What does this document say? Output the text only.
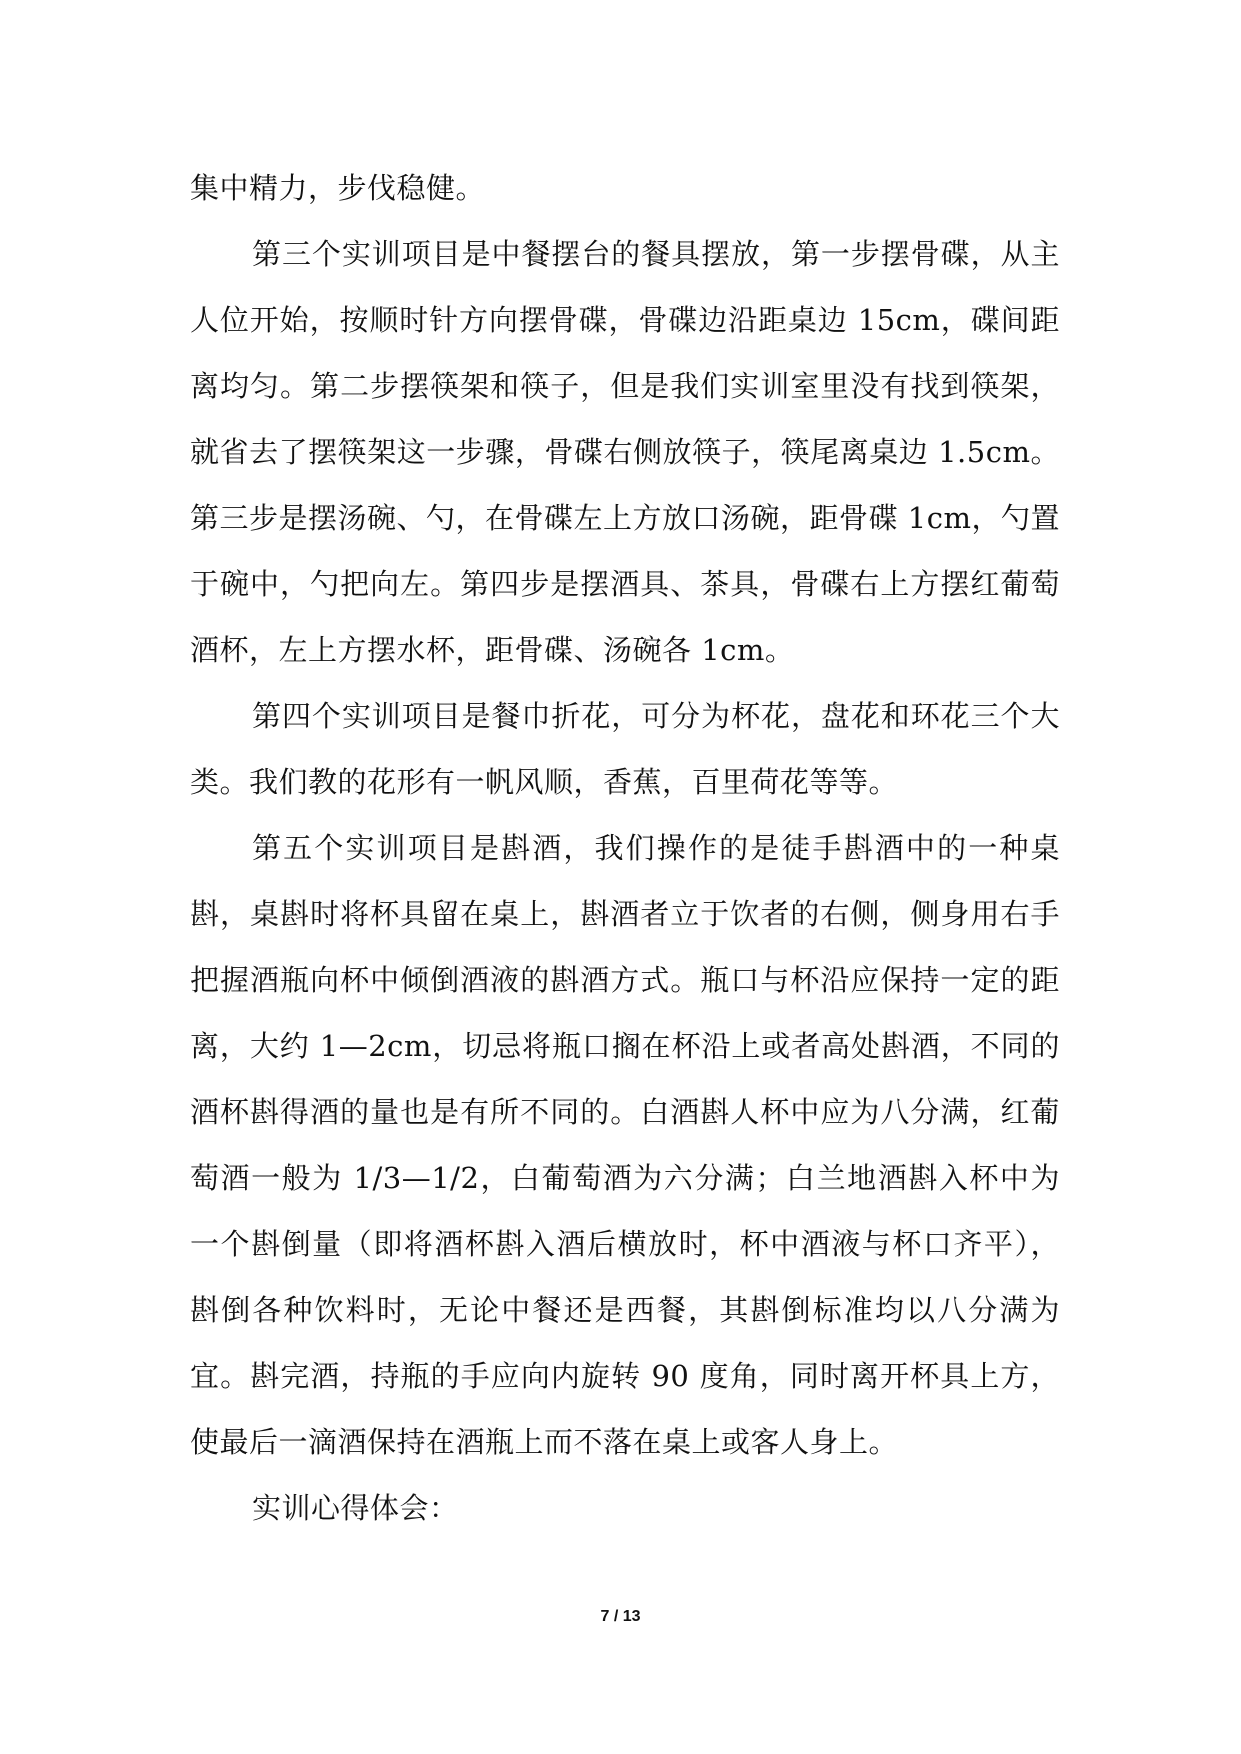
集中精力，步伐稳健。

第三个实训项目是中餐摆台的餐具摆放，第一步摆骨碟，从主人位开始，按顺时针方向摆骨碟，骨碟边沿距桌边 15cm，碟间距离均匀。第二步摆筷架和筷子，但是我们实训室里没有找到筷架，就省去了摆筷架这一步骤，骨碟右侧放筷子，筷尾离桌边 1.5cm。第三步是摆汤碗、勺，在骨碟左上方放口汤碗，距骨碟 1cm，勺置于碗中，勺把向左。第四步是摆酒具、茶具，骨碟右上方摆红葡萄酒杯，左上方摆水杯，距骨碟、汤碗各 1cm。

第四个实训项目是餐巾折花，可分为杯花，盘花和环花三个大类。我们教的花形有一帆风顺，香蕉，百里荷花等等。

第五个实训项目是斟酒，我们操作的是徒手斟酒中的一种桌斟，桌斟时将杯具留在桌上，斟酒者立于饮者的右侧，侧身用右手把握酒瓶向杯中倾倒酒液的斟酒方式。瓶口与杯沿应保持一定的距离，大约 1—2cm，切忌将瓶口搁在杯沿上或者高处斟酒，不同的酒杯斟得酒的量也是有所不同的。白酒斟人杯中应为八分满，红葡萄酒一般为 1/3—1/2，白葡萄酒为六分满；白兰地酒斟入杯中为一个斟倒量（即将酒杯斟入酒后横放时，杯中酒液与杯口齐平），斟倒各种饮料时，无论中餐还是西餐，其斟倒标准均以八分满为宜。斟完酒，持瓶的手应向内旋转 90 度角，同时离开杯具上方，使最后一滴酒保持在酒瓶上而不落在桌上或客人身上。

实训心得体会：

7 / 13
